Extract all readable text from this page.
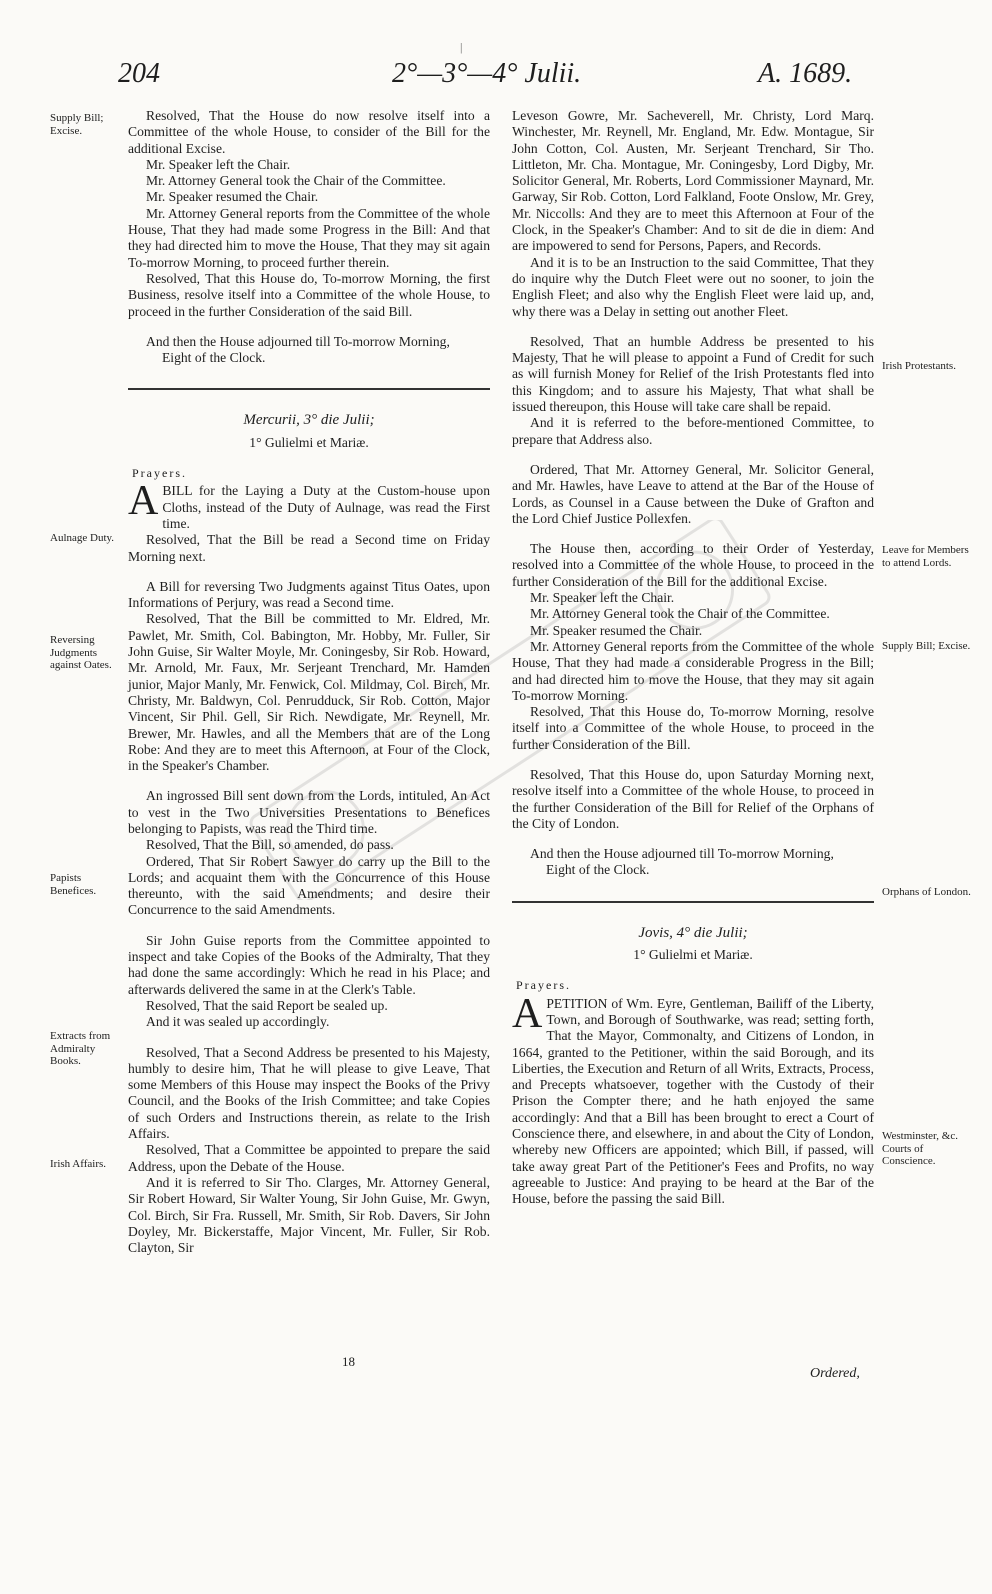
|
204	2°—3°—4° Julii.	A. 1689.

Resolved, That the House do now resolve itself into a Committee of the whole House, to consider of the Bill for the additional Excise.

Mr. Speaker left the Chair.

Mr. Attorney General took the Chair of the Committee.

Mr. Speaker resumed the Chair.

Mr. Attorney General reports from the Committee of the whole House, That they had made some Progress in the Bill: And that they had directed him to move the House, That they may sit again To-morrow Morning, to proceed further therein.

Resolved, That this House do, To-morrow Morning, the first Business, resolve itself into a Committee of the whole House, to proceed in the further Consideration of the said Bill.

And then the House adjourned till To-morrow Morning, Eight of the Clock.

Mercurii, 3° die Julii;
1° Gulielmi et Mariæ.
Prayers.

ABILL for the Laying a Duty at the Custom-house upon Cloths, instead of the Duty of Aulnage, was read the First time.

Resolved, That the Bill be read a Second time on Friday Morning next.

A Bill for reversing Two Judgments against Titus Oates, upon Informations of Perjury, was read a Second time.

Resolved, That the Bill be committed to Mr. Eldred, Mr. Pawlet, Mr. Smith, Col. Babington, Mr. Hobby, Mr. Fuller, Sir John Guise, Sir Walter Moyle, Mr. Coningesby, Sir Rob. Howard, Mr. Arnold, Mr. Faux, Mr. Serjeant Trenchard, Mr. Hamden junior, Major Manly, Mr. Fenwick, Col. Mildmay, Col. Birch, Mr. Christy, Mr. Baldwyn, Col. Penrudduck, Sir Rob. Cotton, Major Vincent, Sir Phil. Gell, Sir Rich. Newdigate, Mr. Reynell, Mr. Brewer, Mr. Hawles, and all the Members that are of the Long Robe: And they are to meet this Afternoon, at Four of the Clock, in the Speaker's Chamber.

An ingrossed Bill sent down from the Lords, intituled, An Act to vest in the Two Universities Presentations to Benefices belonging to Papists, was read the Third time.

Resolved, That the Bill, so amended, do pass.

Ordered, That Sir Robert Sawyer do carry up the Bill to the Lords; and acquaint them with the Concurrence of this House thereunto, with the said Amendments; and desire their Concurrence to the said Amendments.

Sir John Guise reports from the Committee appointed to inspect and take Copies of the Books of the Admiralty, That they had done the same accordingly: Which he read in his Place; and afterwards delivered the same in at the Clerk's Table.

Resolved, That the said Report be sealed up.

And it was sealed up accordingly.

Resolved, That a Second Address be presented to his Majesty, humbly to desire him, That he will please to give Leave, That some Members of this House may inspect the Books of the Privy Council, and the Books of the Irish Committee; and take Copies of such Orders and Instructions therein, as relate to the Irish Affairs.

Resolved, That a Committee be appointed to prepare the said Address, upon the Debate of the House.

And it is referred to Sir Tho. Clarges, Mr. Attorney General, Sir Robert Howard, Sir Walter Young, Sir John Guise, Mr. Gwyn, Col. Birch, Sir Fra. Russell, Mr. Smith, Sir Rob. Davers, Sir John Doyley, Mr. Bickerstaffe, Major Vincent, Mr. Fuller, Sir Rob. Clayton, Sir

Leveson Gowre, Mr. Sacheverell, Mr. Christy, Lord Marq. Winchester, Mr. Reynell, Mr. England, Mr. Edw. Montague, Sir John Cotton, Col. Austen, Mr. Serjeant Trenchard, Sir Tho. Littleton, Mr. Cha. Montague, Mr. Coningesby, Lord Digby, Mr. Solicitor General, Mr. Roberts, Lord Commissioner Maynard, Mr. Garway, Sir Rob. Cotton, Lord Falkland, Foote Onslow, Mr. Grey, Mr. Niccolls: And they are to meet this Afternoon at Four of the Clock, in the Speaker's Chamber: And to sit de die in diem: And are impowered to send for Persons, Papers, and Records.

And it is to be an Instruction to the said Committee, That they do inquire why the Dutch Fleet were out no sooner, to join the English Fleet; and also why the English Fleet were laid up, and, why there was a Delay in setting out another Fleet.

Resolved, That an humble Address be presented to his Majesty, That he will please to appoint a Fund of Credit for such as will furnish Money for Relief of the Irish Protestants fled into this Kingdom; and to assure his Majesty, That what shall be issued thereupon, this House will take care shall be repaid.

And it is referred to the before-mentioned Committee, to prepare that Address also.

Ordered, That Mr. Attorney General, Mr. Solicitor General, and Mr. Hawles, have Leave to attend at the Bar of the House of Lords, as Counsel in a Cause between the Duke of Grafton and the Lord Chief Justice Pollexfen.

The House then, according to their Order of Yesterday, resolved into a Committee of the whole House, to proceed in the further Consideration of the Bill for the additional Excise.

Mr. Speaker left the Chair.

Mr. Attorney General took the Chair of the Committee.

Mr. Speaker resumed the Chair.

Mr. Attorney General reports from the Committee of the whole House, That they had made a considerable Progress in the Bill; and had directed him to move the House, that they may sit again To-morrow Morning.

Resolved, That this House do, To-morrow Morning, resolve itself into a Committee of the whole House, to proceed in the further Consideration of the Bill.

Resolved, That this House do, upon Saturday Morning next, resolve itself into a Committee of the whole House, to proceed in the further Consideration of the Bill for Relief of the Orphans of the City of London.

And then the House adjourned till To-morrow Morning, Eight of the Clock.

Jovis, 4° die Julii;
1° Gulielmi et Mariæ.
Prayers.

APETITION of Wm. Eyre, Gentleman, Bailiff of the Liberty, Town, and Borough of Southwarke, was read; setting forth, That the Mayor, Commonalty, and Citizens of London, in 1664, granted to the Petitioner, within the said Borough, and its Liberties, the Execution and Return of all Writs, Extracts, Process, and Precepts whatsoever, together with the Custody of their Prison the Compter there; and he hath enjoyed the same accordingly: And that a Bill has been brought to erect a Court of Conscience there, and elsewhere, in and about the City of London, whereby new Officers are appointed; which Bill, if passed, will take away great Part of the Petitioner's Fees and Profits, no way agreeable to Justice: And praying to be heard at the Bar of the House, before the passing the said Bill.

Supply Bill; Excise.
Aulnage Duty.
Reversing Judgments against Oates.
Papists Benefices.
Extracts from Admiralty Books.
Irish Affairs.
Irish Protestants.
Leave for Members to attend Lords.
Supply Bill; Excise.
Orphans of London.
Westminster, &c. Courts of Conscience.
18
Ordered,
